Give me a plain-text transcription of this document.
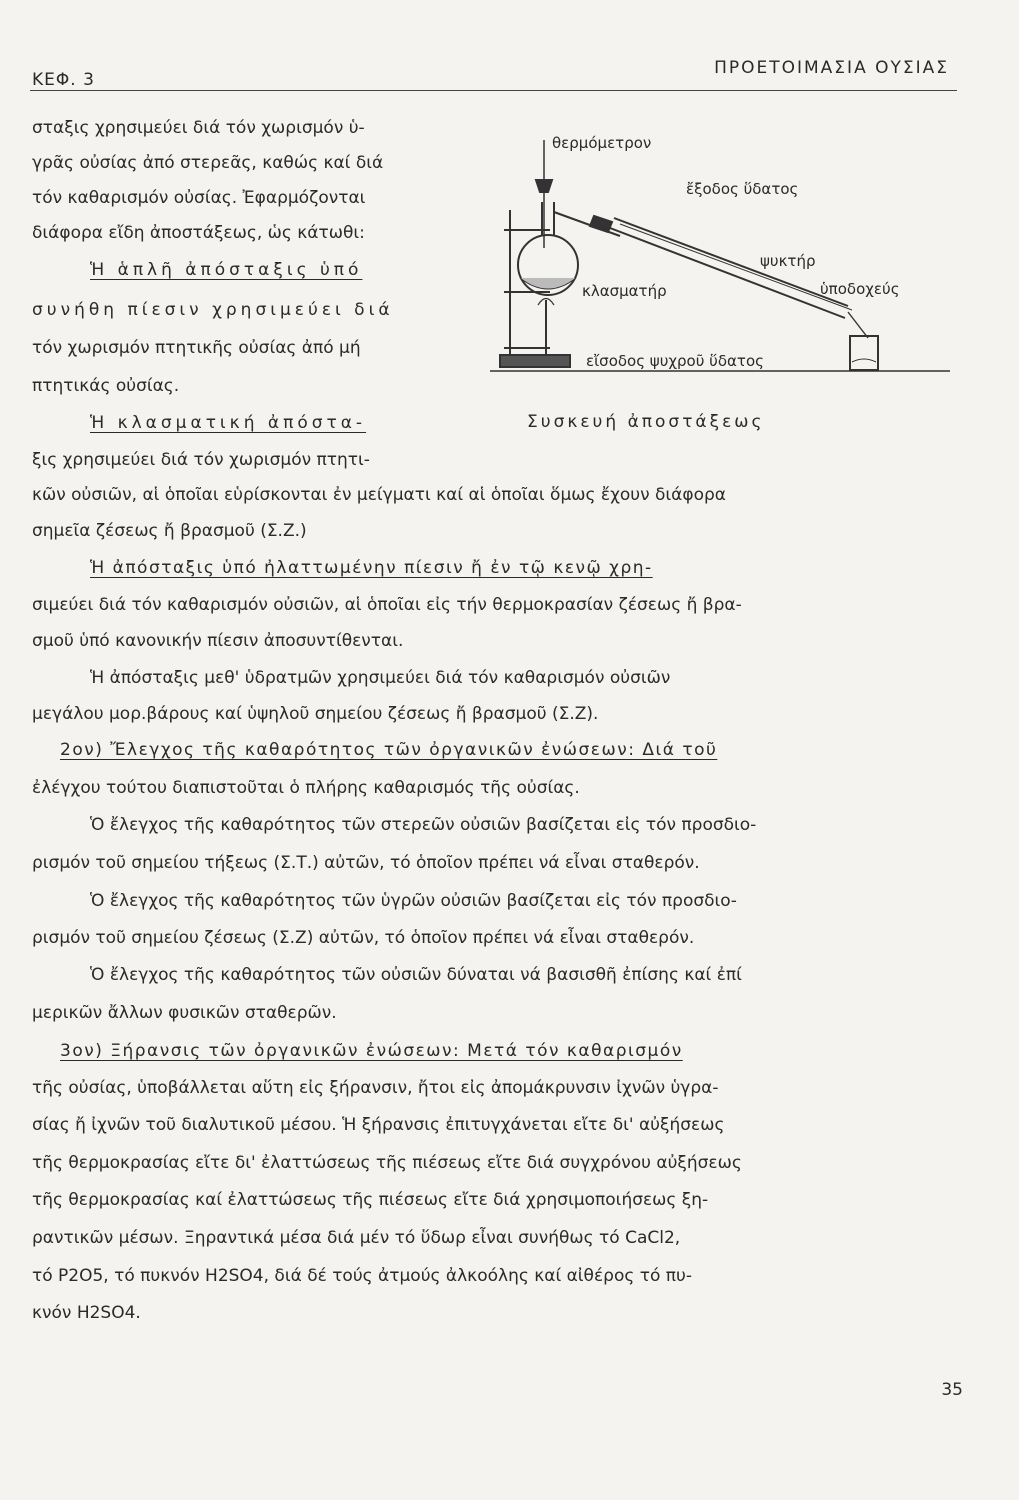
ΚΕΦ. 3
ΠΡΟΕΤΟΙΜΑΣΙΑ ΟΥΣΙΑΣ
θερμόμετρον
ἔξοδος ὕδατος
ψυκτήρ
ὑποδοχεύς
κλασματήρ
εἴσοδος ψυχροῦ ὕδατος
Συσκευή ἀποστάξεως
σταξις χρησιμεύει διά τόν χωρισμόν ὑ-
γρᾶς οὐσίας ἀπό στερεᾶς, καθώς καί διά
τόν καθαρισμόν οὐσίας. Ἐφαρμόζονται
διάφορα εἴδη ἀποστάξεως, ὡς κάτωθι:
Ἡ ἁπλῆ ἀπόσταξις ὑπό
συνήθη πίεσιν χρησιμεύει διά
τόν χωρισμόν πτητικῆς οὐσίας ἀπό μή
πτητικάς οὐσίας.
Ἡ κλασματική ἀπόστα-
ξις χρησιμεύει διά τόν χωρισμόν πτητι-
κῶν οὐσιῶν, αἱ ὁποῖαι εὑρίσκονται ἐν μείγματι καί αἱ ὁποῖαι ὅμως ἔχουν διάφορα
σημεῖα ζέσεως ἤ βρασμοῦ (Σ.Ζ.)
Ἡ ἀπόσταξις ὑπό ἠλαττωμένην πίεσιν ἤ ἐν τῷ κενῷ χρη-
σιμεύει διά τόν καθαρισμόν οὐσιῶν, αἱ ὁποῖαι εἰς τήν θερμοκρασίαν ζέσεως ἤ βρα-
σμοῦ ὑπό κανονικήν πίεσιν ἀποσυντίθενται.
Ἡ ἀπόσταξις μεθ' ὑδρατμῶν χρησιμεύει διά τόν καθαρισμόν οὐσιῶν
μεγάλου μορ.βάρους καί ὑψηλοῦ σημείου ζέσεως ἤ βρασμοῦ (Σ.Ζ).
2ον) Ἔλεγχος τῆς καθαρότητος τῶν ὀργανικῶν ἐνώσεων: Διά τοῦ
ἐλέγχου τούτου διαπιστοῦται ὁ πλήρης καθαρισμός τῆς οὐσίας.
Ὁ ἔλεγχος τῆς καθαρότητος τῶν στερεῶν οὐσιῶν βασίζεται εἰς τόν προσδιο-
ρισμόν τοῦ σημείου τήξεως (Σ.Τ.) αὐτῶν, τό ὁποῖον πρέπει νά εἶναι σταθερόν.
Ὁ ἔλεγχος τῆς καθαρότητος τῶν ὑγρῶν οὐσιῶν βασίζεται εἰς τόν προσδιο-
ρισμόν τοῦ σημείου ζέσεως (Σ.Ζ) αὐτῶν, τό ὁποῖον πρέπει νά εἶναι σταθερόν.
Ὁ ἔλεγχος τῆς καθαρότητος τῶν οὐσιῶν δύναται νά βασισθῆ ἐπίσης καί ἐπί
μερικῶν ἄλλων φυσικῶν σταθερῶν.
3ον) Ξήρανσις τῶν ὀργανικῶν ἐνώσεων: Μετά τόν καθαρισμόν
τῆς οὐσίας, ὑποβάλλεται αὕτη εἰς ξήρανσιν, ἤτοι εἰς ἀπομάκρυνσιν ἰχνῶν ὑγρα-
σίας ἤ ἰχνῶν τοῦ διαλυτικοῦ μέσου. Ἡ ξήρανσις ἐπιτυγχάνεται εἴτε δι' αὐξήσεως
τῆς θερμοκρασίας εἴτε δι' ἐλαττώσεως τῆς πιέσεως εἴτε διά συγχρόνου αὐξήσεως
τῆς θερμοκρασίας καί ἐλαττώσεως τῆς πιέσεως εἴτε διά χρησιμοποιήσεως ξη-
ραντικῶν μέσων. Ξηραντικά μέσα διά μέν τό ὕδωρ εἶναι συνήθως τό CaCl2,
τό P2O5, τό πυκνόν H2SO4, διά δέ τούς ἀτμούς ἀλκοόλης καί αἰθέρος τό πυ-
κνόν H2SO4.
35
